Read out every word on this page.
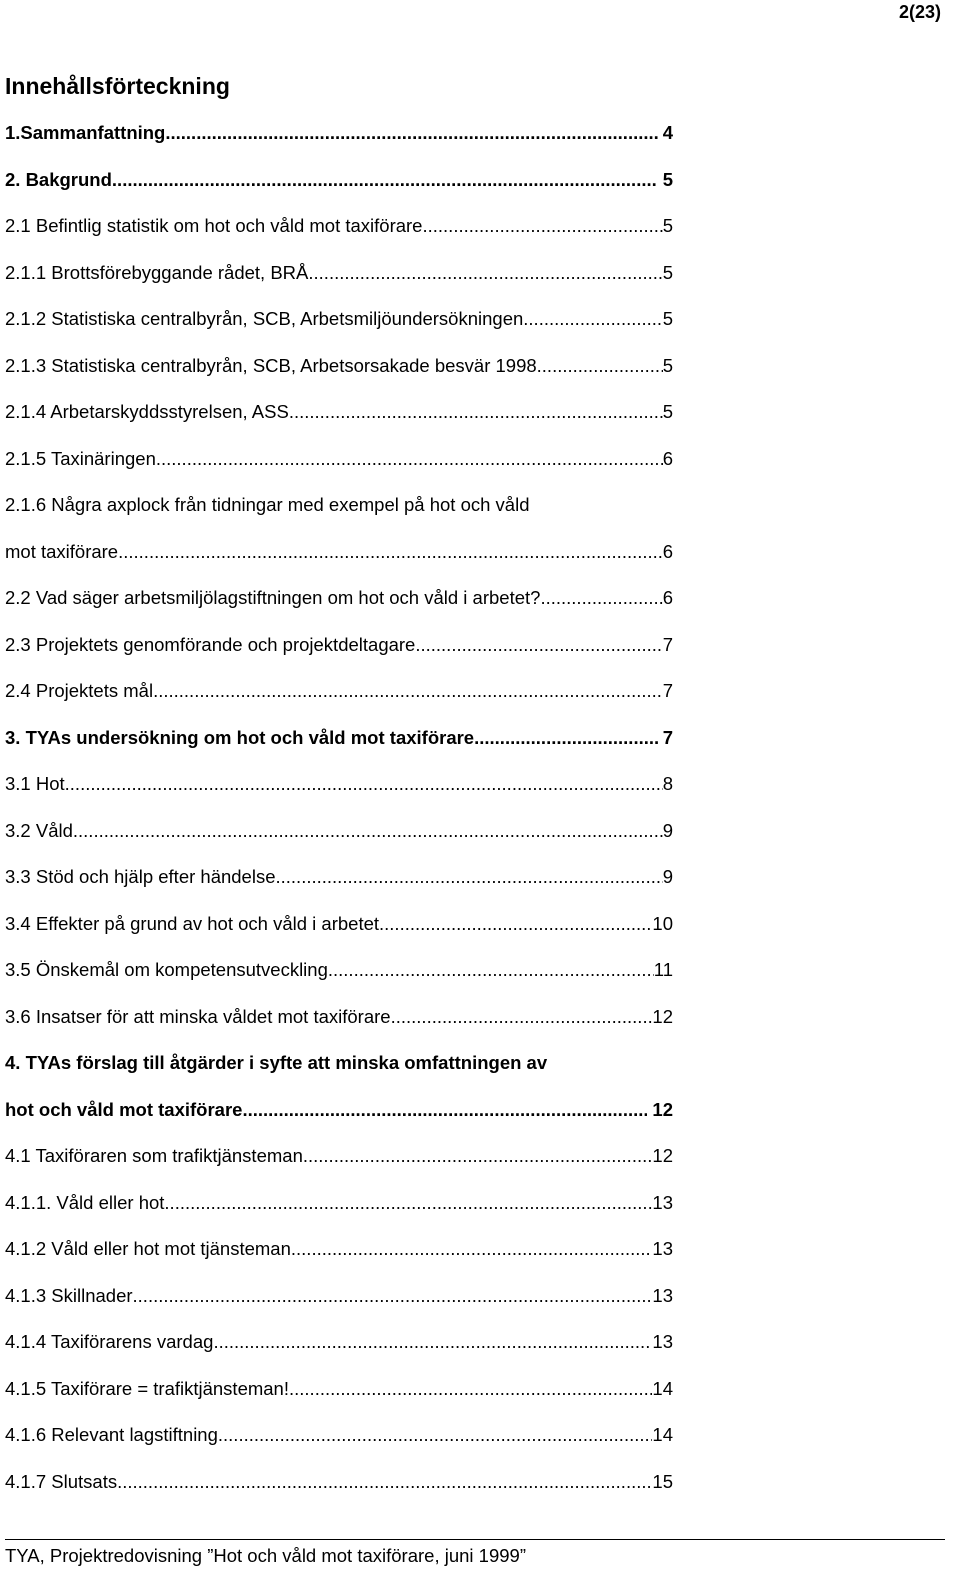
2(23)
Innehållsförteckning
1.Sammanfattning .....	4
2. Bakgrund .....	5
2.1 Befintlig statistik om hot och våld mot taxiförare .....	5
2.1.1 Brottsförebyggande rådet, BRÅ .....	5
2.1.2 Statistiska centralbyrån, SCB, Arbetsmiljöundersökningen .....	5
2.1.3 Statistiska centralbyrån, SCB, Arbetsorsakade besvär 1998 .....	5
2.1.4 Arbetarskyddsstyrelsen, ASS .....	5
2.1.5 Taxinäringen .....	6
2.1.6 Några axplock från tidningar med exempel på hot och våld
mot taxiförare .....	6
2.2 Vad säger arbetsmiljölagstiftningen om hot och våld i arbetet? .....	6
2.3 Projektets genomförande och projektdeltagare .....	7
2.4 Projektets mål .....	7
3. TYAs undersökning om hot och våld mot taxiförare .....	7
3.1 Hot .....	8
3.2 Våld .....	9
3.3 Stöd och hjälp efter händelse .....	9
3.4 Effekter på grund av hot och våld i arbetet .....	10
3.5 Önskemål om kompetensutveckling .....	11
3.6 Insatser för att minska våldet mot taxiförare .....	12
4. TYAs förslag till åtgärder i syfte att minska omfattningen av
hot och våld mot taxiförare .....	12
4.1 Taxiföraren som trafiktjänsteman .....	12
4.1.1. Våld eller hot .....	13
4.1.2 Våld eller hot mot tjänsteman .....	13
4.1.3 Skillnader .....	13
4.1.4 Taxiförarens vardag .....	13
4.1.5 Taxiförare = trafiktjänsteman! .....	14
4.1.6 Relevant lagstiftning .....	14
4.1.7 Slutsats .....	15
TYA, Projektredovisning ”Hot och våld mot taxiförare, juni 1999”
